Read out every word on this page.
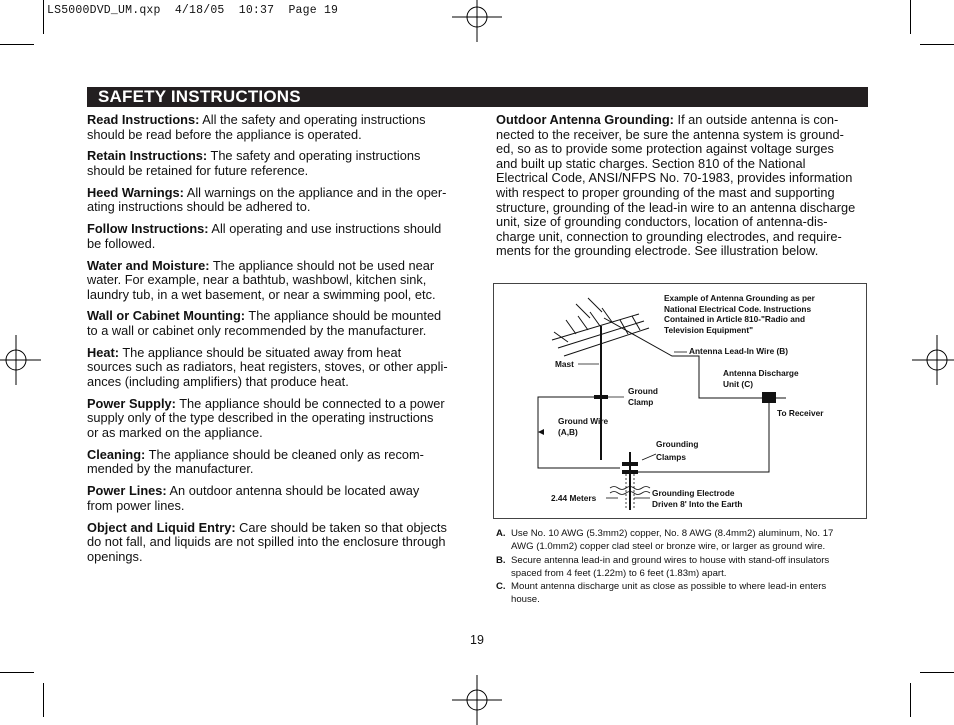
LS5000DVD_UM.qxp  4/18/05  10:37  Page 19
SAFETY INSTRUCTIONS

Read Instructions: All the safety and operating instructions
should be read before the appliance is operated.

Retain Instructions: The safety and operating instructions
should be retained for future reference.

Heed Warnings: All warnings on the appliance and in the oper-
ating instructions should be adhered to.

Follow Instructions: All operating and use instructions should
be followed.

Water and Moisture: The appliance should not be used near
water. For example, near a bathtub, washbowl, kitchen sink,
laundry tub, in a wet basement, or near a swimming pool, etc.

Wall or Cabinet Mounting: The appliance should be mounted
to a wall or cabinet only recommended by the manufacturer.

Heat: The appliance should be situated away from heat
sources such as radiators, heat registers, stoves, or other appli-
ances (including amplifiers) that produce heat.

Power Supply: The appliance should be connected to a power
supply only of the type described in the operating instructions
or as marked on the appliance.

Cleaning: The appliance should be cleaned only as recom-
mended by the manufacturer.

Power Lines: An outdoor antenna should be located away
from power lines.

Object and Liquid Entry: Care should be taken so that objects
do not fall, and liquids are not spilled into the enclosure through
openings.

Outdoor Antenna Grounding: If an outside antenna is con-
nected to the receiver, be sure the antenna system is ground-
ed, so as to provide some protection against voltage surges
and built up static charges. Section 810 of the National
Electrical Code, ANSI/NFPS No. 70-1983, provides information
with respect to proper grounding of the mast and supporting
structure, grounding of the lead-in wire to an antenna discharge
unit, size of grounding conductors, location of antenna-dis-
charge unit, connection to grounding electrodes, and require-
ments for the grounding electrode. See illustration below.

Example of Antenna Grounding as per
National Electrical Code. Instructions
Contained in Article 810-"Radio and
Television Equipment"
Mast
Antenna Lead-In Wire (B)
Antenna Discharge
Unit (C)
Ground
Clamp
To Receiver
Ground Wire
(A,B)
Grounding
Clamps
2.44 Meters	Grounding Electrode
Driven 8' Into the Earth
A. Use No. 10 AWG (5.3mm2) copper, No. 8 AWG (8.4mm2) aluminum, No. 17
AWG (1.0mm2) copper clad steel or bronze wire, or larger as ground wire.
B. Secure antenna lead-in and ground wires to house with stand-off insulators
spaced from 4 feet (1.22m) to 6 feet (1.83m) apart.
C. Mount antenna discharge unit as close as possible to where lead-in enters
house.
19
